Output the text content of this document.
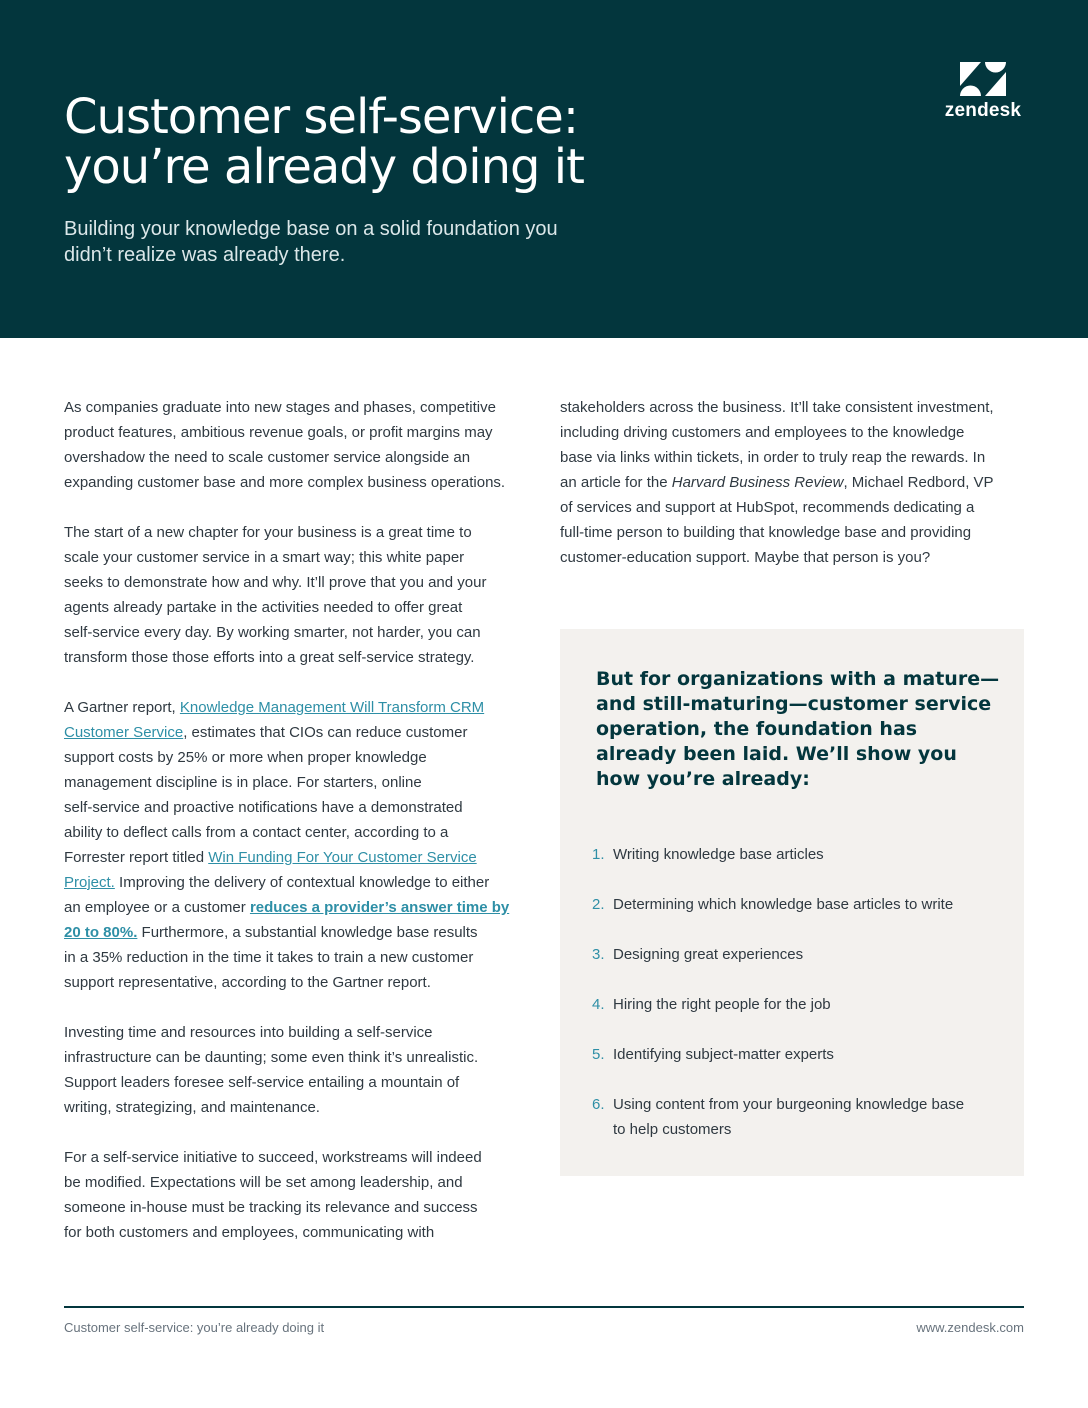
Customer self-service:
you’re already doing it

Building your knowledge base on a solid foundation you
didn’t realize was already there.

zendesk

As companies graduate into new stages and phases, competitive
product features, ambitious revenue goals, or profit margins may
overshadow the need to scale customer service alongside an
expanding customer base and more complex business operations.

The start of a new chapter for your business is a great time to
scale your customer service in a smart way; this white paper
seeks to demonstrate how and why. It’ll prove that you and your
agents already partake in the activities needed to offer great
self-service every day. By working smarter, not harder, you can
transform those those efforts into a great self-service strategy.

A Gartner report, Knowledge Management Will Transform CRM
Customer Service, estimates that CIOs can reduce customer
support costs by 25% or more when proper knowledge
management discipline is in place. For starters, online
self-service and proactive notifications have a demonstrated
ability to deflect calls from a contact center, according to a
Forrester report titled Win Funding For Your Customer Service
Project. Improving the delivery of contextual knowledge to either
an employee or a customer reduces a provider’s answer time by
20 to 80%. Furthermore, a substantial knowledge base results
in a 35% reduction in the time it takes to train a new customer
support representative, according to the Gartner report.

Investing time and resources into building a self-service
infrastructure can be daunting; some even think it’s unrealistic.
Support leaders foresee self-service entailing a mountain of
writing, strategizing, and maintenance.

For a self-service initiative to succeed, workstreams will indeed
be modified. Expectations will be set among leadership, and
someone in-house must be tracking its relevance and success
for both customers and employees, communicating with

stakeholders across the business. It’ll take consistent investment,
including driving customers and employees to the knowledge
base via links within tickets, in order to truly reap the rewards. In
an article for the Harvard Business Review, Michael Redbord, VP
of services and support at HubSpot, recommends dedicating a
full-time person to building that knowledge base and providing
customer-education support. Maybe that person is you?

But for organizations with a mature—
and still-maturing—customer service
operation, the foundation has
already been laid. We’ll show you
how you’re already:
1. Writing knowledge base articles
2. Determining which knowledge base articles to write
3. Designing great experiences
4. Hiring the right people for the job
5. Identifying subject-matter experts
6. Using content from your burgeoning knowledge base
to help customers
Customer self-service: you’re already doing it	www.zendesk.com
